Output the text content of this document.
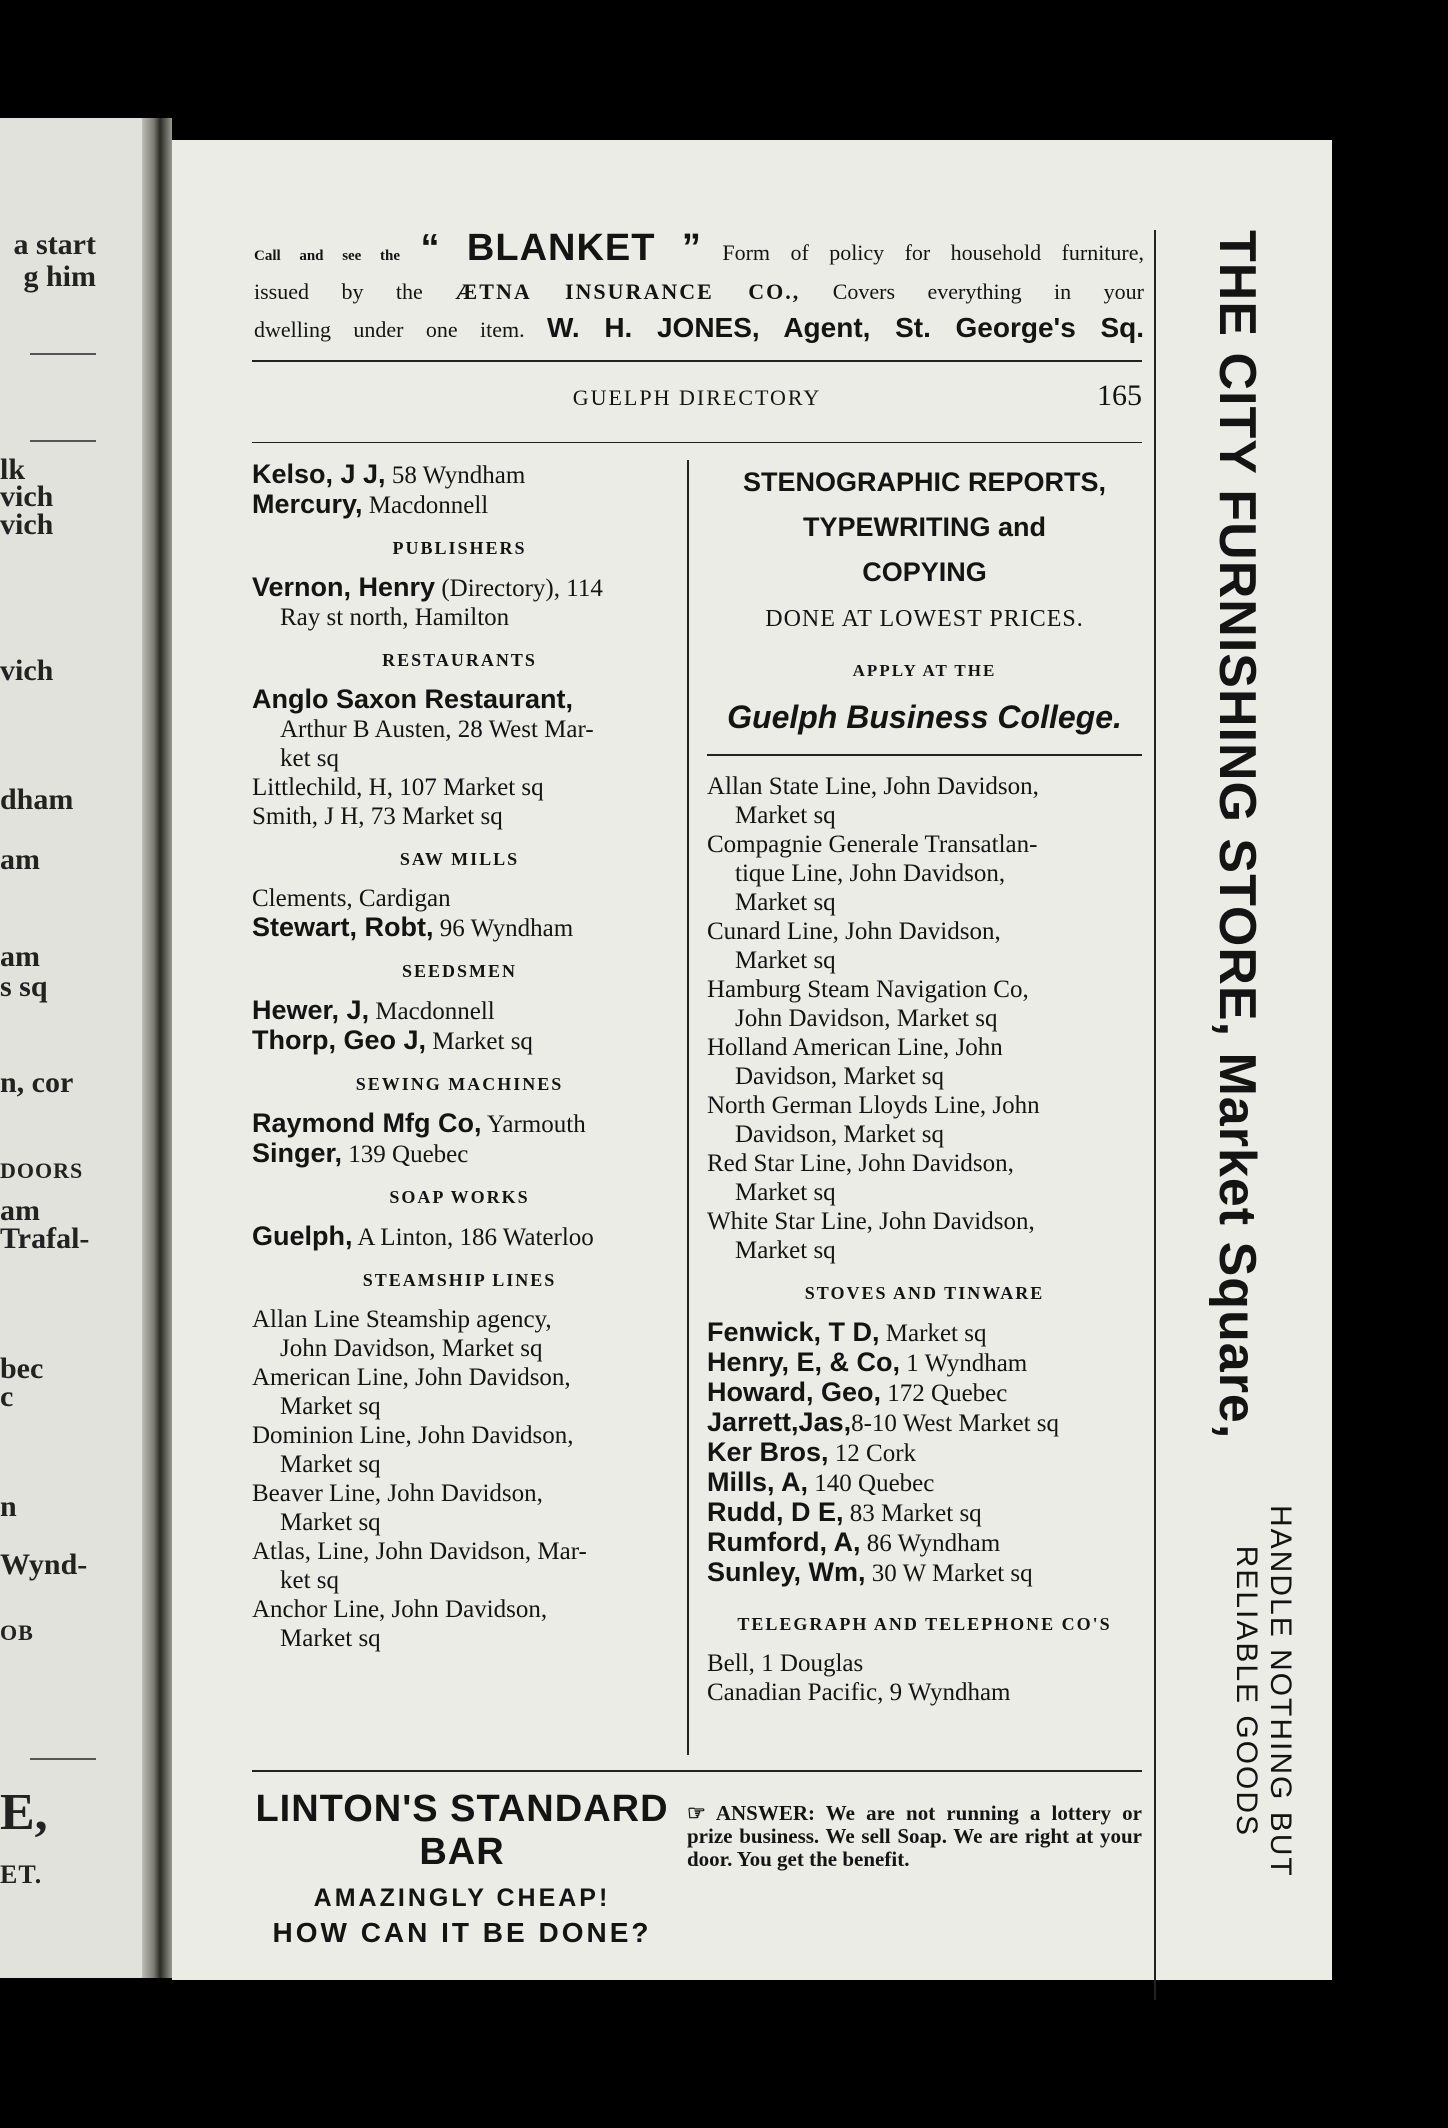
a start
g him
lk
vich
vich
vich
dham
am
am
s sq
n, cor
DOORS
am
Trafal-
bec
c
n
Wynd-
OB
E,
ET.
Call and see the “ BLANKET ” Form of policy for household furniture,
issued by the ÆTNA INSURANCE CO., Covers everything in your
dwelling under one item. W. H. JONES, Agent, St. George's Sq.
GUELPH DIRECTORY	165
Kelso, J J, 58 Wyndham
Mercury, Macdonnell
PUBLISHERS
Vernon, Henry (Directory), 114
Ray st north, Hamilton
RESTAURANTS
Anglo Saxon Restaurant,
Arthur B Austen, 28 West Mar-
ket sq
Littlechild, H, 107 Market sq
Smith, J H, 73 Market sq
SAW MILLS
Clements, Cardigan
Stewart, Robt, 96 Wyndham
SEEDSMEN
Hewer, J, Macdonnell
Thorp, Geo J, Market sq
SEWING MACHINES
Raymond Mfg Co, Yarmouth
Singer, 139 Quebec
SOAP WORKS
Guelph, A Linton, 186 Waterloo
STEAMSHIP LINES
Allan Line Steamship agency,
John Davidson, Market sq
American Line, John Davidson,
Market sq
Dominion Line, John Davidson,
Market sq
Beaver Line, John Davidson,
Market sq
Atlas, Line, John Davidson, Mar-
ket sq
Anchor Line, John Davidson,
Market sq
STENOGRAPHIC REPORTS,
TYPEWRITING and
COPYING
DONE AT LOWEST PRICES.
APPLY AT THE
Guelph Business College.
Allan State Line, John Davidson,
Market sq
Compagnie Generale Transatlan-
tique Line, John Davidson,
Market sq
Cunard Line, John Davidson,
Market sq
Hamburg Steam Navigation Co,
John Davidson, Market sq
Holland American Line, John
Davidson, Market sq
North German Lloyds Line, John
Davidson, Market sq
Red Star Line, John Davidson,
Market sq
White Star Line, John Davidson,
Market sq
STOVES AND TINWARE
Fenwick, T D, Market sq
Henry, E, & Co, 1 Wyndham
Howard, Geo, 172 Quebec
Jarrett,Jas,8-10 West Market sq
Ker Bros, 12 Cork
Mills, A, 140 Quebec
Rudd, D E, 83 Market sq
Rumford, A, 86 Wyndham
Sunley, Wm, 30 W Market sq
TELEGRAPH AND TELEPHONE CO'S
Bell, 1 Douglas
Canadian Pacific, 9 Wyndham
LINTON'S STANDARD BAR
AMAZINGLY CHEAP!
HOW CAN IT BE DONE?
☞ ANSWER: We are not running a lottery or prize business. We sell Soap. We are right at your door. You get the benefit.
THE CITY FURNISHING STORE, Market Square,
HANDLE NOTHING BUT
RELIABLE GOODS
